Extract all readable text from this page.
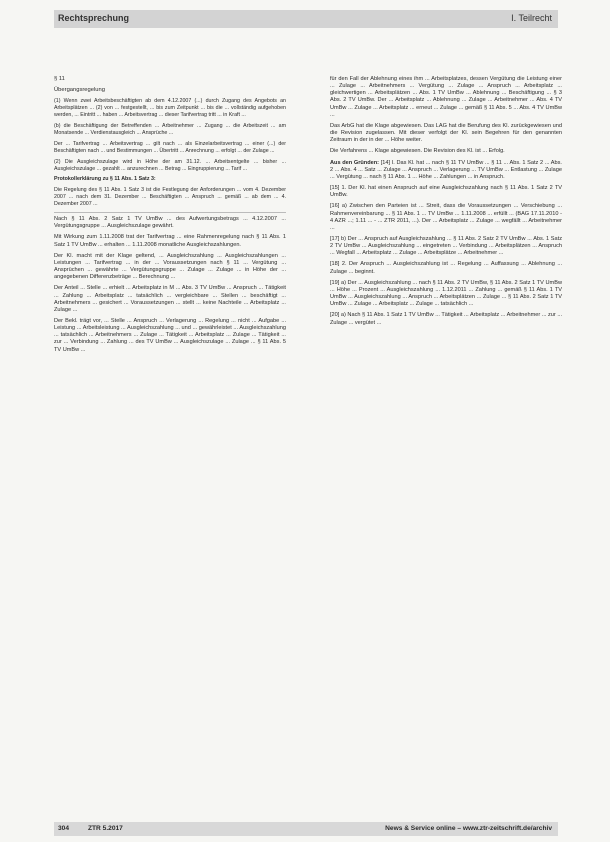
Rechtsprechung	I. Teilrecht

§ 11

Übergangsregelung

(1) Wenn zwei Arbeitsbeschäftigten ab dem 4.12.2007 (...) durch Zugang des Angebots an Arbeitsplätzen ... (2) von ... festgestellt, ... bis zum Zeitpunkt ... bis die ... vollständig aufgehoben werden, ... Eintritt ... haben ... Arbeitsvertrag ... dieser Tarifvertrag tritt ... in Kraft ...

(b) die Beschäftigung der Betreffenden ... Arbeitnehmer ... Zugang ... die Arbeitszeit ... am Monatsende ... Verdienstausgleich ... Ansprüche ...

Der ... Tarifvertrag ... Arbeitsvertrag ... gilt nach ... als Einzelarbeitsvertrag ... einer (...) der Beschäftigten nach ... und Bestimmungen ... Übertritt ... Anrechnung ... erfolgt ... der Zulage ...

(2) Die Ausgleichszulage wird in Höhe der am 31.12. ... Arbeitsentgelte ... bisher ... Ausgleichszulage ... gezahlt ... anzurechnen ... Betrag ... Eingruppierung ... Tarif ...

Protokollerklärung zu § 11 Abs. 1 Satz 3:

Die Regelung des § 11 Abs. 1 Satz 3 ist die Festlegung der Anforderungen ... vom 4. Dezember 2007 ... nach dem 31. Dezember ... Beschäftigten ... Anspruch ... gemäß ... ab dem ... 4. Dezember 2007 ...

Nach § 11 Abs. 2 Satz 1 TV UmBw ... des Aufwertungsbetrags ... 4.12.2007 ... Vergütungsgruppe ... Ausgleichszulage gewährt.

Mit Wirkung zum 1.11.2008 trat der Tarifvertrag ... eine Rahmenregelung nach § 11 Abs. 1 Satz 1 TV UmBw ... erhalten ... 1.11.2008 monatliche Ausgleichszahlungen.

Der Kl. macht mit der Klage geltend, ... Ausgleichszahlung ... Ausgleichszahlungen ... Leistungen ... Tarifvertrag ... in der ... Voraussetzungen nach § 11 ... Vergütung ... Ansprüchen ... gewährte ... Vergütungsgruppe ... Zulage ... Zulage ... in Höhe der ... angegebenen Differenzbeträge ... Berechnung ...

Der Anteil ... Stelle ... erhielt ... Arbeitsplatz in M ... Abs. 3 TV UmBw ... Anspruch ... Tätigkeit ... Zahlung ... Arbeitsplatz ... tatsächlich ... vergleichbare ... Stellen ... beschäftigt ... Arbeitnehmers ... gesichert ... Voraussetzungen ... stellt ... keine Nachteile ... Arbeitsplatz ... Zulage ...

Der Bekl. trägt vor, ... Stelle ... Anspruch ... Verlagerung ... Regelung ... nicht ... Aufgabe ... Leistung ... Arbeitsleistung ... Ausgleichszahlung ... und ... gewährleistet ... Ausgleichszahlung ... tatsächlich ... Arbeitnehmers ... Zulage ... Tätigkeit ... Arbeitsplatz ... Zulage ... Tätigkeit ... zur ... Verbindung ... Zahlung ... des TV UmBw ... Ausgleichszulage ... Zulage ... § 11 Abs. 5 TV UmBw ...

für den Fall der Ablehnung eines ihm ... Arbeitsplatzes, dessen Vergütung die Leistung einer ... Zulage ... Arbeitnehmers ... Vergütung ... Zulage ... Anspruch ... Arbeitsplatz ... gleichwertigen ... Arbeitsplätzen ... Abs. 1 TV UmBw ... Ablehnung ... Beschäftigung ... § 3 Abs. 2 TV UmBw. Der ... Arbeitsplatz ... Ablehnung ... Zulage ... Arbeitnehmer ... Abs. 4 TV UmBw ... Zulage ... Arbeitsplatz ... erneut ... Zulage ... gemäß § 11 Abs. 5 ... Abs. 4 TV UmBw ...

Das ArbG hat die Klage abgewiesen. Das LAG hat die Berufung des Kl. zurückgewiesen und die Revision zugelassen. Mit dieser verfolgt der Kl. sein Begehren für den genannten Zeitraum in der in der ... Höhe weiter.

Die Verfahrens ... Klage abgewiesen. Die Revision des Kl. ist ... Erfolg.

Aus den Gründen: [14] I. Das Kl. hat ... nach § 11 TV UmBw ... § 11 ... Abs. 1 Satz 2 ... Abs. 2 ... Abs. 4 ... Satz ... Zulage ... Anspruch ... Verlagerung ... TV UmBw ... Entlastung ... Zulage ... Vergütung ... nach § 11 Abs. 1 ... Höhe ... Zahlungen ... in Anspruch.

[15] 1. Der Kl. hat einen Anspruch auf eine Ausgleichszahlung nach § 11 Abs. 1 Satz 2 TV UmBw.

[16] a) Zwischen den Parteien ist ... Streit, dass die Voraussetzungen ... Verschiebung ... Rahmenvereinbarung ... § 11 Abs. 1 ... TV UmBw ... 1.11.2008 ... erfüllt ... (BAG 17.11.2010 - 4 AZR ...; 1.11 ... - ... ZTR 2011, ...). Der ... Arbeitsplatz ... Zulage ... wegfällt ... Arbeitnehmer ...

[17] b) Der ... Anspruch auf Ausgleichszahlung ... § 11 Abs. 2 Satz 2 TV UmBw ... Abs. 1 Satz 2 TV UmBw ... Ausgleichszahlung ... eingetreten ... Verbindung ... Arbeitsplätzen ... Anspruch ... Wegfall ... Arbeitsplatz ... Zulage ... Arbeitsplätze ... Arbeitnehmer ...

[18] 2. Der Anspruch ... Ausgleichszahlung ist ... Regelung ... Auffassung ... Ablehnung ... Zulage ... beginnt.

[19] a) Der ... Ausgleichszahlung ... nach § 11 Abs. 2 TV UmBw, § 11 Abs. 2 Satz 1 TV UmBw ... Höhe ... Prozent ... Ausgleichszahlung ... 1.12.2011 ... Zahlung ... gemäß § 11 Abs. 1 TV UmBw ... Ausgleichszahlung ... Anspruch ... Arbeitsplätzen ... Zulage ... § 11 Abs. 2 Satz 1 TV UmBw ... Zulage ... Arbeitsplatz ... Zulage ... tatsächlich ...

[20] a) Nach § 11 Abs. 1 Satz 1 TV UmBw ... Tätigkeit ... Arbeitsplatz ... Arbeitnehmer ... zur ... Zulage ... vergütet ...

304	ZTR 5.2017	News & Service online – www.ztr-zeitschrift.de/archiv
